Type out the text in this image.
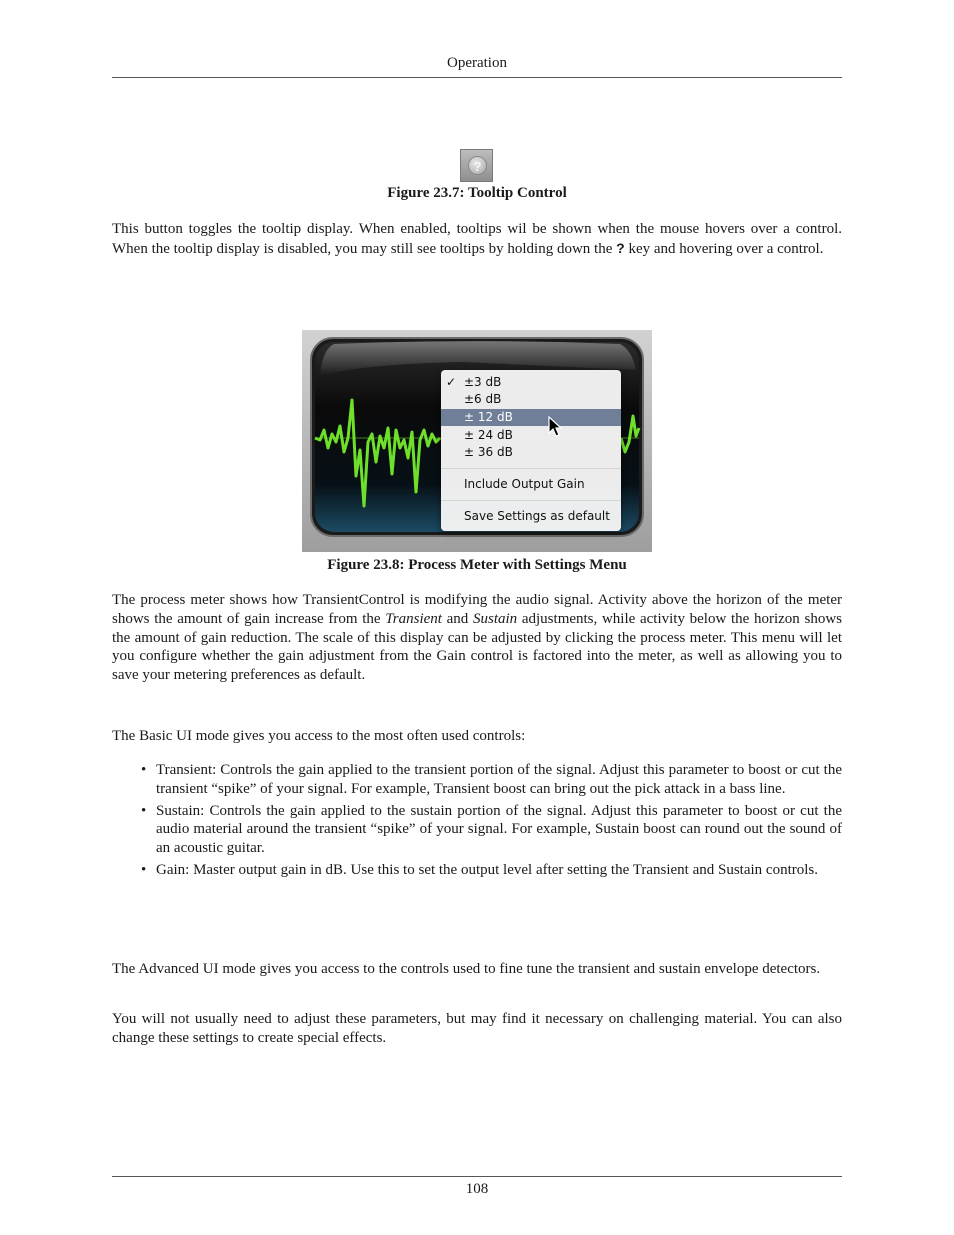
Operation
?
Figure 23.7: Tooltip Control

This button toggles the tooltip display. When enabled, tooltips wil be shown when the mouse hovers over a control. When the tooltip display is disabled, you may still see tooltips by holding down the ? key and hovering over a control.

✓ ±3 dB
±6 dB
± 12 dB
± 24 dB
± 36 dB
Include Output Gain
Save Settings as default
Figure 23.8: Process Meter with Settings Menu

The process meter shows how TransientControl is modifying the audio signal. Activity above the horizon of the meter shows the amount of gain increase from the Transient and Sustain adjustments, while activity below the horizon shows the amount of gain reduction. The scale of this display can be adjusted by clicking the process meter. This menu will let you configure whether the gain adjustment from the Gain control is factored into the meter, as well as allowing you to save your metering preferences as default.

The Basic UI mode gives you access to the most often used controls:

• Transient: Controls the gain applied to the transient portion of the signal. Adjust this parameter to boost or cut the transient “spike” of your signal. For example, Transient boost can bring out the pick attack in a bass line.
• Sustain: Controls the gain applied to the sustain portion of the signal. Adjust this parameter to boost or cut the audio material around the transient “spike” of your signal. For example, Sustain boost can round out the sound of an acoustic guitar.
• Gain: Master output gain in dB. Use this to set the output level after setting the Transient and Sustain controls.

The Advanced UI mode gives you access to the controls used to fine tune the transient and sustain envelope detectors.

You will not usually need to adjust these parameters, but may find it necessary on challenging material. You can also change these settings to create special effects.

108
